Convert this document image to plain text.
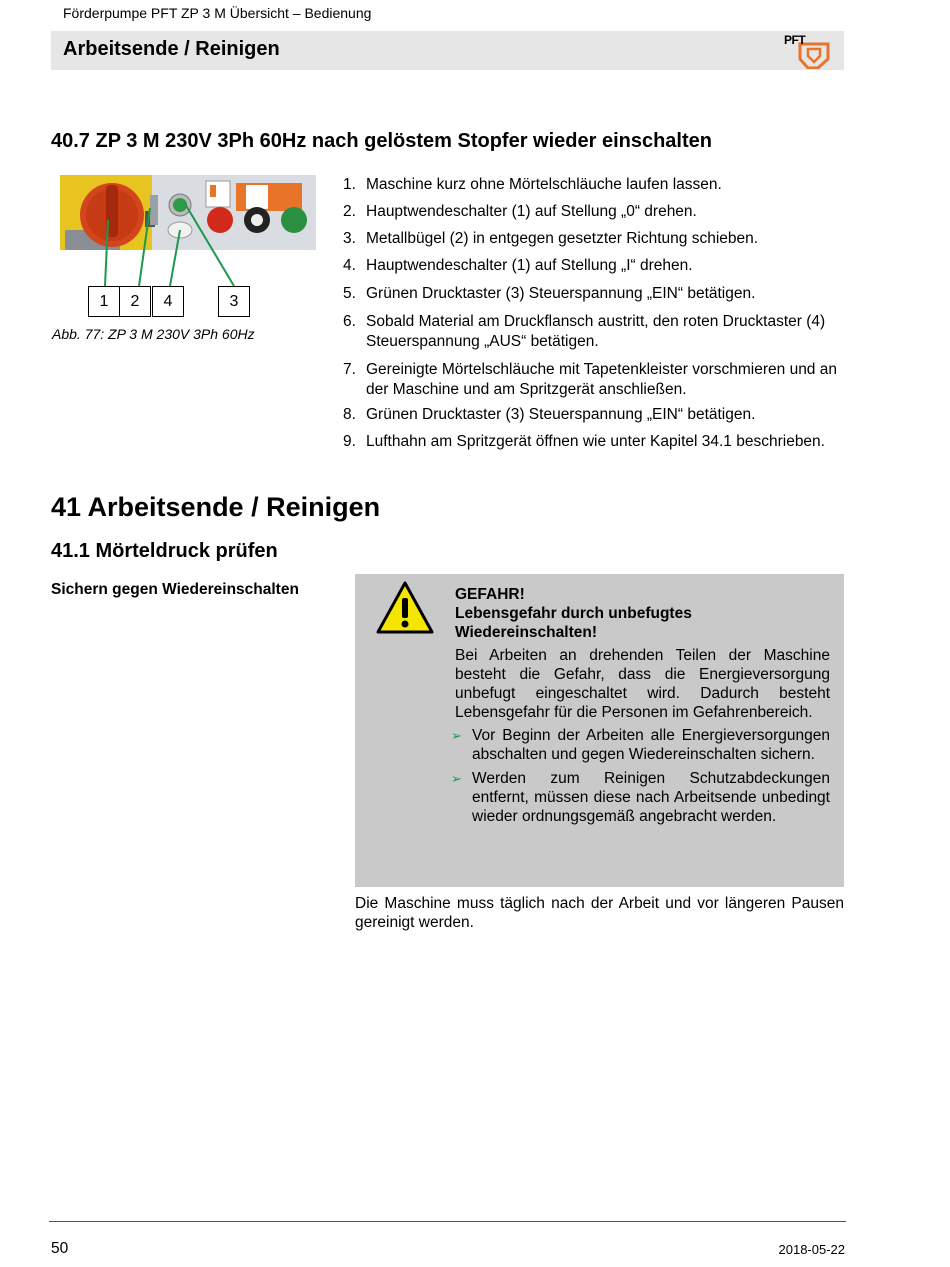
Förderpumpe PFT ZP 3 M Übersicht – Bedienung
Arbeitsende / Reinigen	PFT
40.7 ZP 3 M 230V 3Ph 60Hz nach gelöstem Stopfer wieder einschalten
1	2	4	3
Abb. 77: ZP 3 M 230V 3Ph 60Hz
1. Maschine kurz ohne Mörtelschläuche laufen lassen.
2. Hauptwendeschalter (1) auf Stellung „0“ drehen.
3. Metallbügel (2) in entgegen gesetzter Richtung schieben.
4. Hauptwendeschalter (1) auf Stellung „I“ drehen.
5. Grünen Drucktaster (3) Steuerspannung „EIN“ betätigen.
6. Sobald Material am Druckflansch austritt, den roten Drucktaster (4) Steuerspannung „AUS“ betätigen.
7. Gereinigte Mörtelschläuche mit Tapetenkleister vorschmieren und an der Maschine und am Spritzgerät anschließen.
8. Grünen Drucktaster (3) Steuerspannung „EIN“ betätigen.
9. Lufthahn am Spritzgerät öffnen wie unter Kapitel 34.1 beschrieben.
41 Arbeitsende / Reinigen
41.1 Mörteldruck prüfen
Sichern gegen Wiedereinschalten	GEFAHR!
Lebensgefahr durch unbefugtes Wiedereinschalten!

Bei Arbeiten an drehenden Teilen der Maschine besteht die Gefahr, dass die Energieversorgung unbefugt eingeschaltet wird. Dadurch besteht Lebensgefahr für die Personen im Gefahrenbereich.

➢ Vor Beginn der Arbeiten alle Energieversorgungen abschalten und gegen Wiedereinschalten sichern.
➢ Werden zum Reinigen Schutzabdeckungen entfernt, müssen diese nach Arbeitsende unbedingt wieder ordnungsgemäß angebracht werden.
Die Maschine muss täglich nach der Arbeit und vor längeren Pausen gereinigt werden.
50	2018-05-22
